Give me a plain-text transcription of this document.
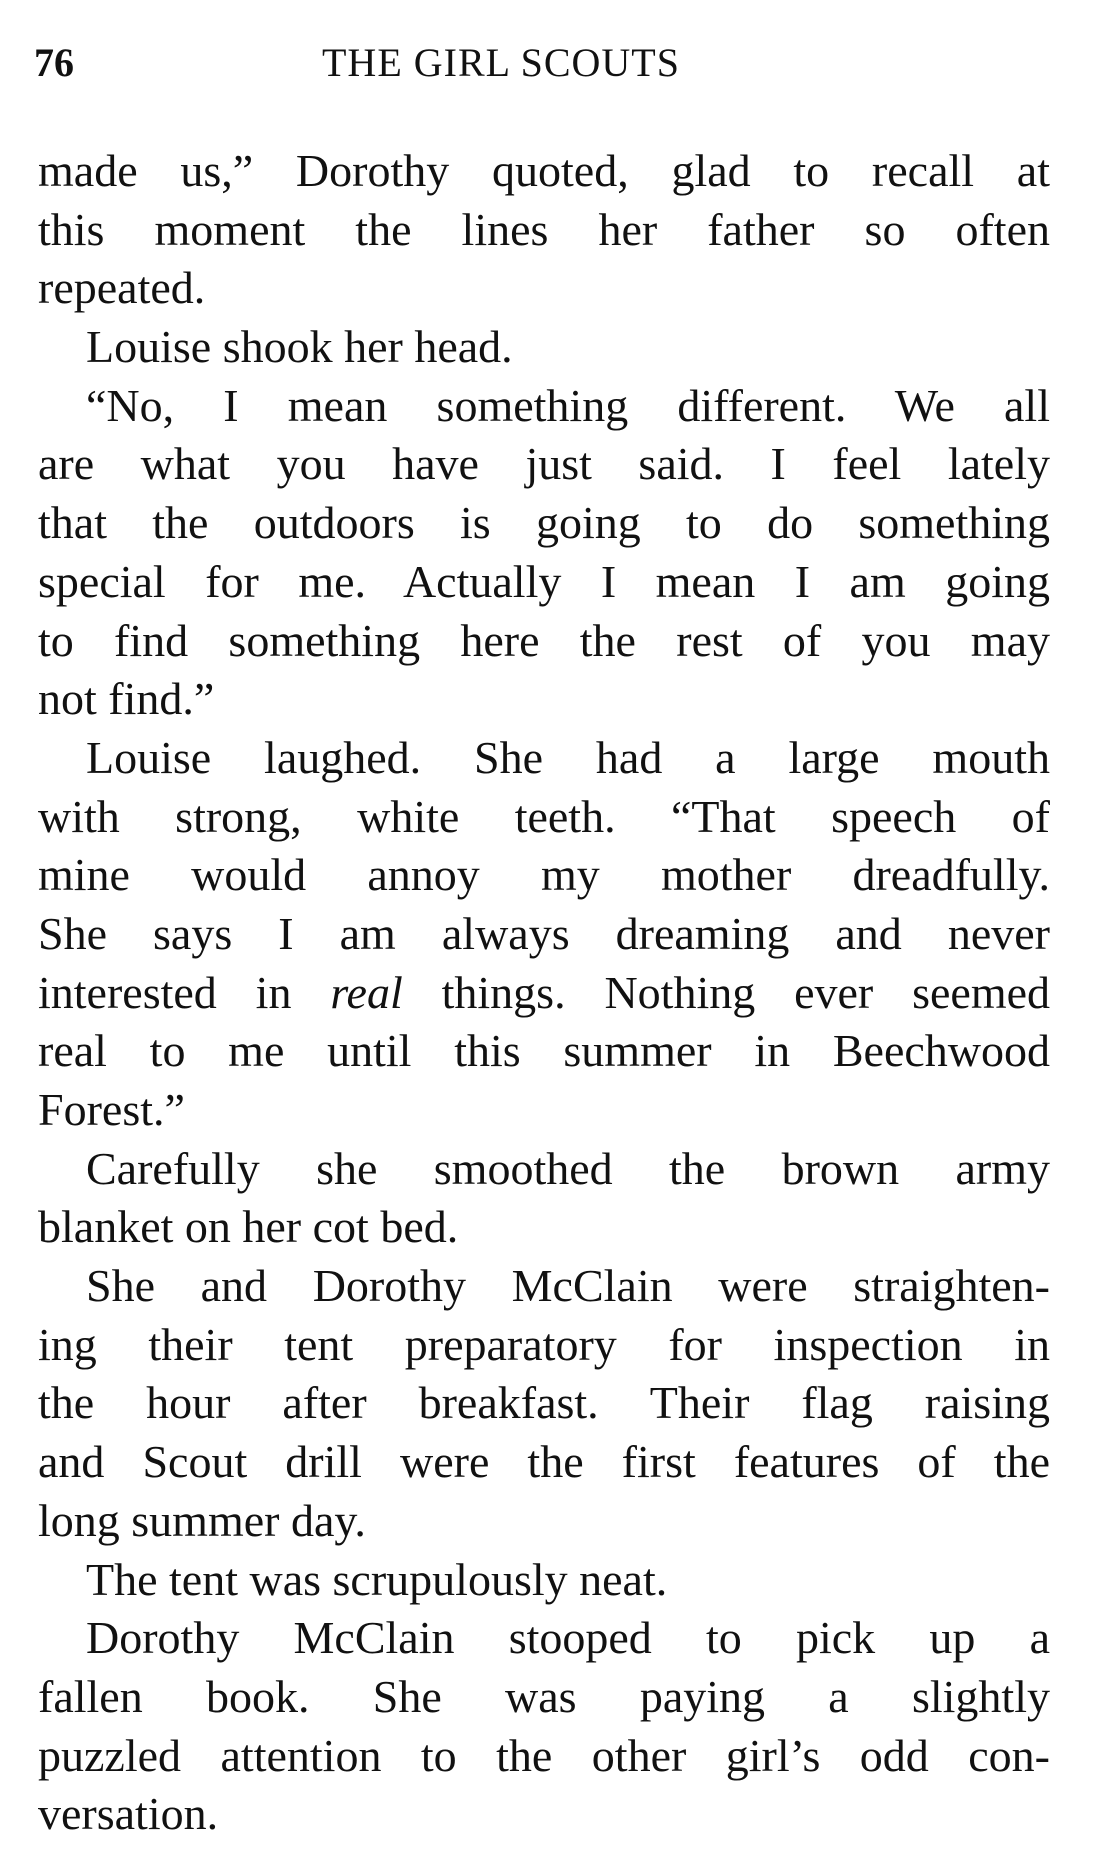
76	THE GIRL SCOUTS
made us,” Dorothy quoted, glad to recall at
this moment the lines her father so often
repeated.
Louise shook her head.
“No, I mean something different. We all
are what you have just said. I feel lately
that the outdoors is going to do something
special for me. Actually I mean I am going
to find something here the rest of you may
not find.”
Louise laughed. She had a large mouth
with strong, white teeth. “That speech of
mine would annoy my mother dreadfully.
She says I am always dreaming and never
interested in real things. Nothing ever seemed
real to me until this summer in Beechwood
Forest.”
Carefully she smoothed the brown army
blanket on her cot bed.
She and Dorothy McClain were straighten-
ing their tent preparatory for inspection in
the hour after breakfast. Their flag raising
and Scout drill were the first features of the
long summer day.
The tent was scrupulously neat.
Dorothy McClain stooped to pick up a
fallen book. She was paying a slightly
puzzled attention to the other girl’s odd con-
versation.
